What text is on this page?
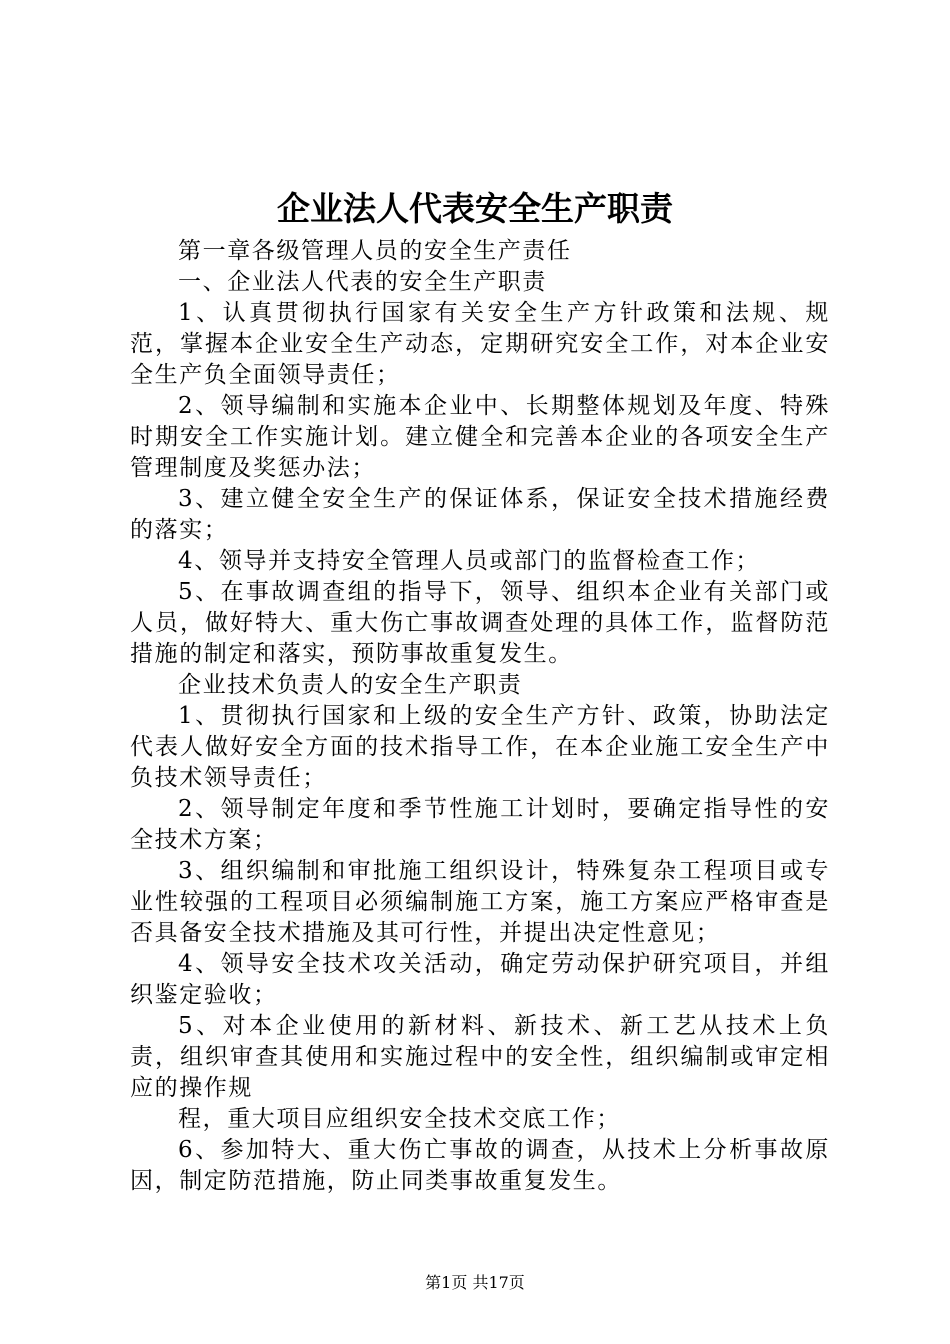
企业法人代表安全生产职责

第一章各级管理人员的安全生产责任

一、企业法人代表的安全生产职责

1、认真贯彻执行国家有关安全生产方针政策和法规、规范，掌握本企业安全生产动态，定期研究安全工作，对本企业安全生产负全面领导责任；

2、领导编制和实施本企业中、长期整体规划及年度、特殊时期安全工作实施计划。建立健全和完善本企业的各项安全生产管理制度及奖惩办法；

3、建立健全安全生产的保证体系，保证安全技术措施经费的落实；

4、领导并支持安全管理人员或部门的监督检查工作；

5、在事故调查组的指导下，领导、组织本企业有关部门或人员，做好特大、重大伤亡事故调查处理的具体工作，监督防范措施的制定和落实，预防事故重复发生。

企业技术负责人的安全生产职责

1、贯彻执行国家和上级的安全生产方针、政策，协助法定代表人做好安全方面的技术指导工作，在本企业施工安全生产中负技术领导责任；

2、领导制定年度和季节性施工计划时，要确定指导性的安全技术方案；

3、组织编制和审批施工组织设计，特殊复杂工程项目或专业性较强的工程项目必须编制施工方案，施工方案应严格审查是否具备安全技术措施及其可行性，并提出决定性意见；

4、领导安全技术攻关活动，确定劳动保护研究项目，并组织鉴定验收；

5、对本企业使用的新材料、新技术、新工艺从技术上负责，组织审查其使用和实施过程中的安全性，组织编制或审定相应的操作规

程，重大项目应组织安全技术交底工作；

6、参加特大、重大伤亡事故的调查，从技术上分析事故原因，制定防范措施，防止同类事故重复发生。

第1页 共17页
